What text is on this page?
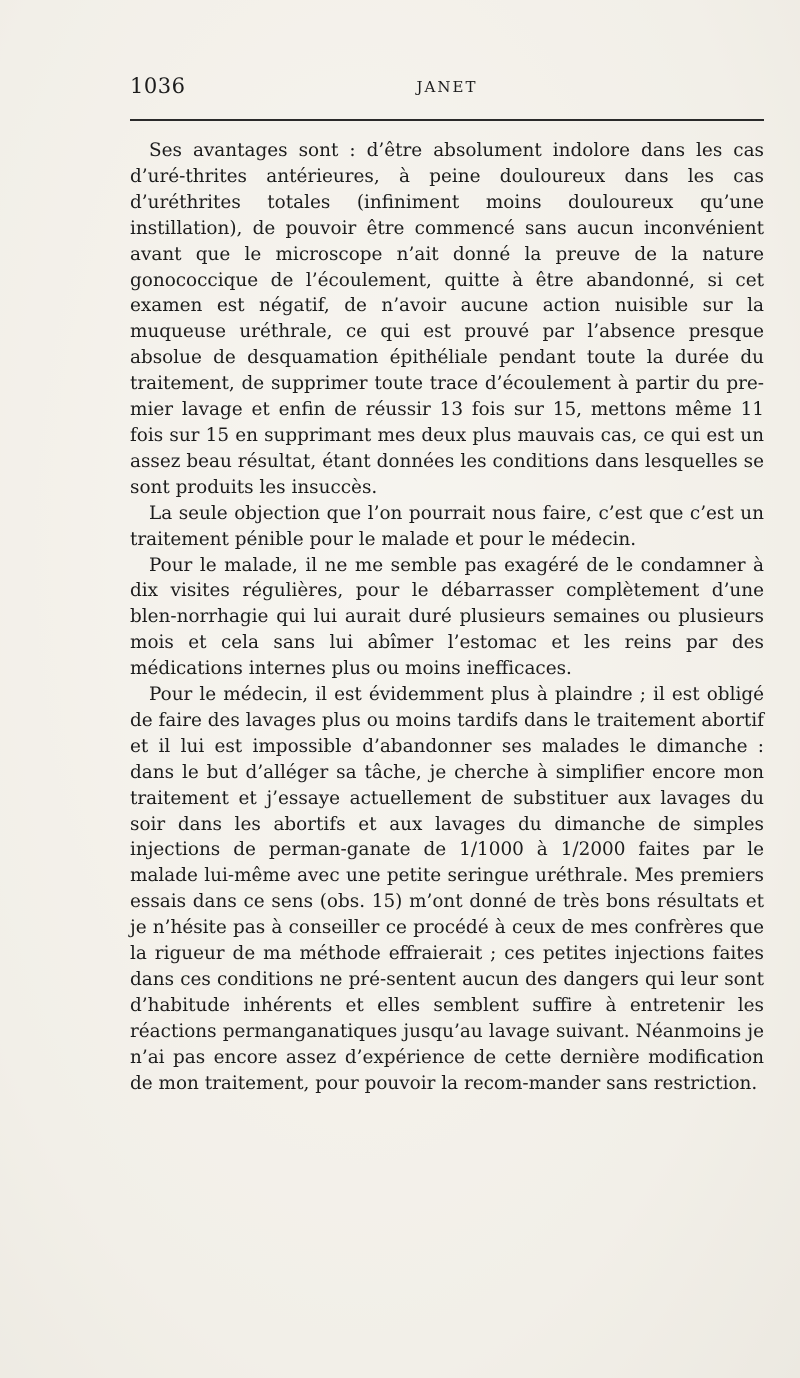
1036	JANET

Ses avantages sont : d’être absolument indolore dans les cas d’uré-thrites antérieures, à peine douloureux dans les cas d’uréthrites totales (infiniment moins douloureux qu’une instillation), de pouvoir être commencé sans aucun inconvénient avant que le microscope n’ait donné la preuve de la nature gonococcique de l’écoulement, quitte à être abandonné, si cet examen est négatif, de n’avoir aucune action nuisible sur la muqueuse uréthrale, ce qui est prouvé par l’absence presque absolue de desquamation épithéliale pendant toute la durée du traitement, de supprimer toute trace d’écoulement à partir du pre-mier lavage et enfin de réussir 13 fois sur 15, mettons même 11 fois sur 15 en supprimant mes deux plus mauvais cas, ce qui est un assez beau résultat, étant données les conditions dans lesquelles se sont produits les insuccès.

La seule objection que l’on pourrait nous faire, c’est que c’est un traitement pénible pour le malade et pour le médecin.

Pour le malade, il ne me semble pas exagéré de le condamner à dix visites régulières, pour le débarrasser complètement d’une blen-norrhagie qui lui aurait duré plusieurs semaines ou plusieurs mois et cela sans lui abîmer l’estomac et les reins par des médications internes plus ou moins inefficaces.

Pour le médecin, il est évidemment plus à plaindre ; il est obligé de faire des lavages plus ou moins tardifs dans le traitement abortif et il lui est impossible d’abandonner ses malades le dimanche : dans le but d’alléger sa tâche, je cherche à simplifier encore mon traitement et j’essaye actuellement de substituer aux lavages du soir dans les abortifs et aux lavages du dimanche de simples injections de perman-ganate de 1/1000 à 1/2000 faites par le malade lui-même avec une petite seringue uréthrale. Mes premiers essais dans ce sens (obs. 15) m’ont donné de très bons résultats et je n’hésite pas à conseiller ce procédé à ceux de mes confrères que la rigueur de ma méthode effraierait ; ces petites injections faites dans ces conditions ne pré-sentent aucun des dangers qui leur sont d’habitude inhérents et elles semblent suffire à entretenir les réactions permanganatiques jusqu’au lavage suivant. Néanmoins je n’ai pas encore assez d’expérience de cette dernière modification de mon traitement, pour pouvoir la recom-mander sans restriction.
